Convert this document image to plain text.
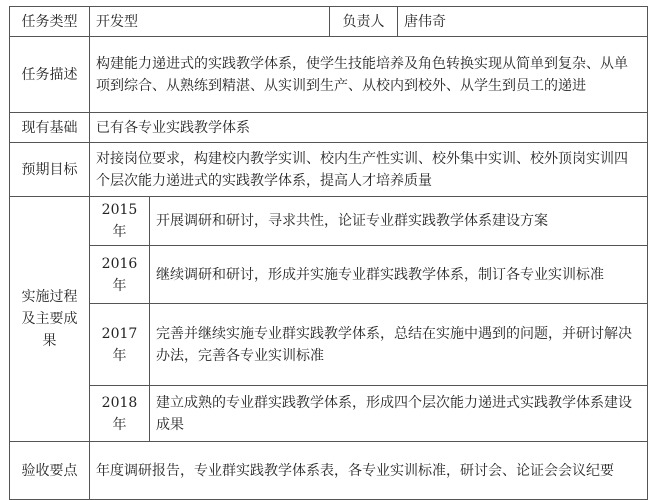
任务类型	开发型		负责人	唐伟奇
任务描述	构建能力递进式的实践教学体系，使学生技能培养及角色转换实现从简单到复杂、从单项到综合、从熟练到精湛、从实训到生产、从校内到校外、从学生到员工的递进			
现有基础	已有各专业实践教学体系			
预期目标	对接岗位要求，构建校内教学实训、校内生产性实训、校外集中实训、校外顶岗实训四个层次能力递进式的实践教学体系，提高人才培养质量			
实施过程及主要成果	2015 年	开展调研和研讨，寻求共性，论证专业群实践教学体系建设方案		
	2016 年	继续调研和研讨，形成并实施专业群实践教学体系，制订各专业实训标准		
	2017 年	完善并继续实施专业群实践教学体系，总结在实施中遇到的问题，并研讨解决办法，完善各专业实训标准		
	2018 年	建立成熟的专业群实践教学体系，形成四个层次能力递进式实践教学体系建设成果		
验收要点	年度调研报告，专业群实践教学体系表，各专业实训标准，研讨会、论证会会议纪要			
